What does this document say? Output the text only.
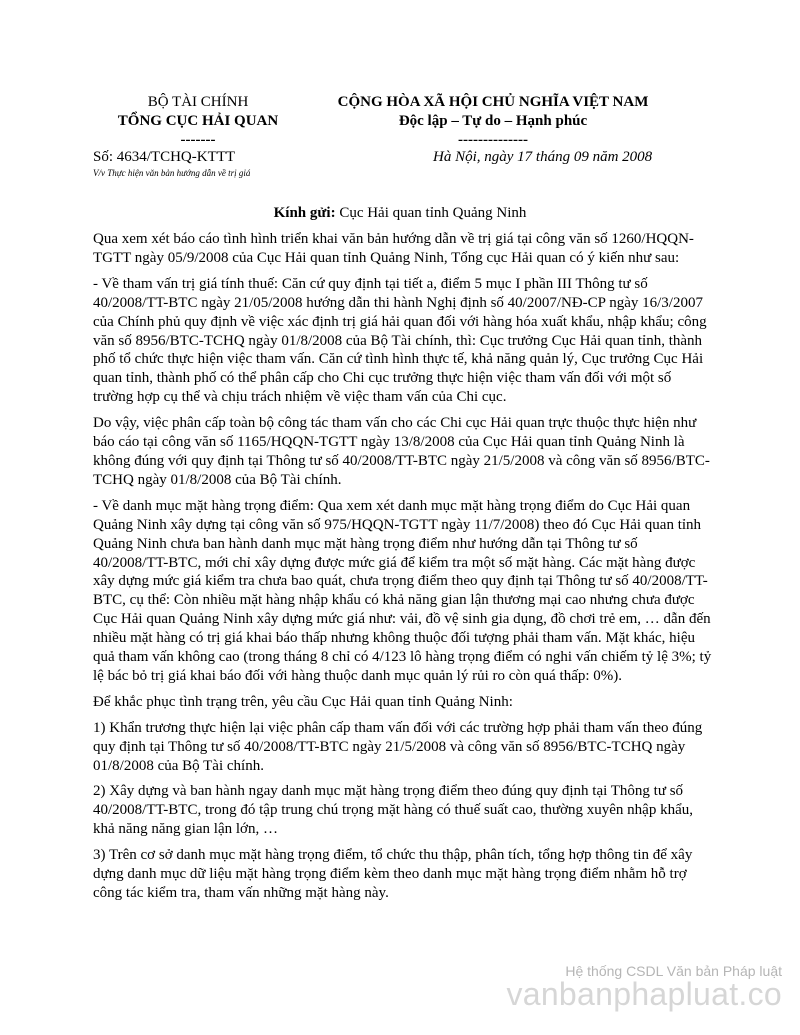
BỘ TÀI CHÍNH
TỔNG CỤC HẢI QUAN
-------
CỘNG HÒA XÃ HỘI CHỦ NGHĨA VIỆT NAM
Độc lập – Tự do – Hạnh phúc
--------------
Số: 4634/TCHQ-KTTT
V/v Thực hiện văn bản hướng dẫn về trị giá
Hà Nội, ngày 17 tháng 09 năm 2008
Kính gửi: Cục Hải quan tỉnh Quảng Ninh

Qua xem xét báo cáo tình hình triển khai văn bản hướng dẫn về trị giá tại công văn số 1260/HQQN-TGTT ngày 05/9/2008 của Cục Hải quan tỉnh Quảng Ninh, Tổng cục Hải quan có ý kiến như sau:

- Về tham vấn trị giá tính thuế: Căn cứ quy định tại tiết a, điểm 5 mục I phần III Thông tư số 40/2008/TT-BTC ngày 21/05/2008 hướng dẫn thi hành Nghị định số 40/2007/NĐ-CP ngày 16/3/2007 của Chính phủ quy định về việc xác định trị giá hải quan đối với hàng hóa xuất khẩu, nhập khẩu; công văn số 8956/BTC-TCHQ ngày 01/8/2008 của Bộ Tài chính, thì: Cục trưởng Cục Hải quan tỉnh, thành phố tổ chức thực hiện việc tham vấn. Căn cứ tình hình thực tế, khả năng quản lý, Cục trưởng Cục Hải quan tỉnh, thành phố có thể phân cấp cho Chi cục trưởng thực hiện việc tham vấn đối với một số trường hợp cụ thể và chịu trách nhiệm về việc tham vấn của Chi cục.

Do vậy, việc phân cấp toàn bộ công tác tham vấn cho các Chi cục Hải quan trực thuộc thực hiện như báo cáo tại công văn số 1165/HQQN-TGTT ngày 13/8/2008 của Cục Hải quan tỉnh Quảng Ninh là không đúng với quy định tại Thông tư số 40/2008/TT-BTC ngày 21/5/2008 và công văn số 8956/BTC-TCHQ ngày 01/8/2008 của Bộ Tài chính.

- Về danh mục mặt hàng trọng điểm: Qua xem xét danh mục mặt hàng trọng điểm do Cục Hải quan Quảng Ninh xây dựng tại công văn số 975/HQQN-TGTT ngày 11/7/2008) theo đó Cục Hải quan tỉnh Quảng Ninh chưa ban hành danh mục mặt hàng trọng điểm như hướng dẫn tại Thông tư số 40/2008/TT-BTC, mới chỉ xây dựng được mức giá để kiểm tra một số mặt hàng. Các mặt hàng được xây dựng mức giá kiểm tra chưa bao quát, chưa trọng điểm theo quy định tại Thông tư số 40/2008/TT-BTC, cụ thể: Còn nhiều mặt hàng nhập khẩu có khả năng gian lận thương mại cao nhưng chưa được Cục Hải quan Quảng Ninh xây dựng mức giá như: vải, đồ vệ sinh gia dụng, đồ chơi trẻ em, … dẫn đến nhiều mặt hàng có trị giá khai báo thấp nhưng không thuộc đối tượng phải tham vấn. Mặt khác, hiệu quả tham vấn không cao (trong tháng 8 chỉ có 4/123 lô hàng trọng điểm có nghi vấn chiếm tỷ lệ 3%; tỷ lệ bác bỏ trị giá khai báo đối với hàng thuộc danh mục quản lý rủi ro còn quá thấp: 0%).

Để khắc phục tình trạng trên, yêu cầu Cục Hải quan tỉnh Quảng Ninh:

1) Khẩn trương thực hiện lại việc phân cấp tham vấn đối với các trường hợp phải tham vấn theo đúng quy định tại Thông tư số 40/2008/TT-BTC ngày 21/5/2008 và công văn số 8956/BTC-TCHQ ngày 01/8/2008 của Bộ Tài chính.

2) Xây dựng và ban hành ngay danh mục mặt hàng trọng điểm theo đúng quy định tại Thông tư số 40/2008/TT-BTC, trong đó tập trung chú trọng mặt hàng có thuế suất cao, thường xuyên nhập khẩu, khả năng năng gian lận lớn, …

3) Trên cơ sở danh mục mặt hàng trọng điểm, tổ chức thu thập, phân tích, tổng hợp thông tin để xây dựng danh mục dữ liệu mặt hàng trọng điểm kèm theo danh mục mặt hàng trọng điểm nhằm hỗ trợ công tác kiểm tra, tham vấn những mặt hàng này.

Hệ thống CSDL Văn bản Pháp luật
vanbanphapluat.co
